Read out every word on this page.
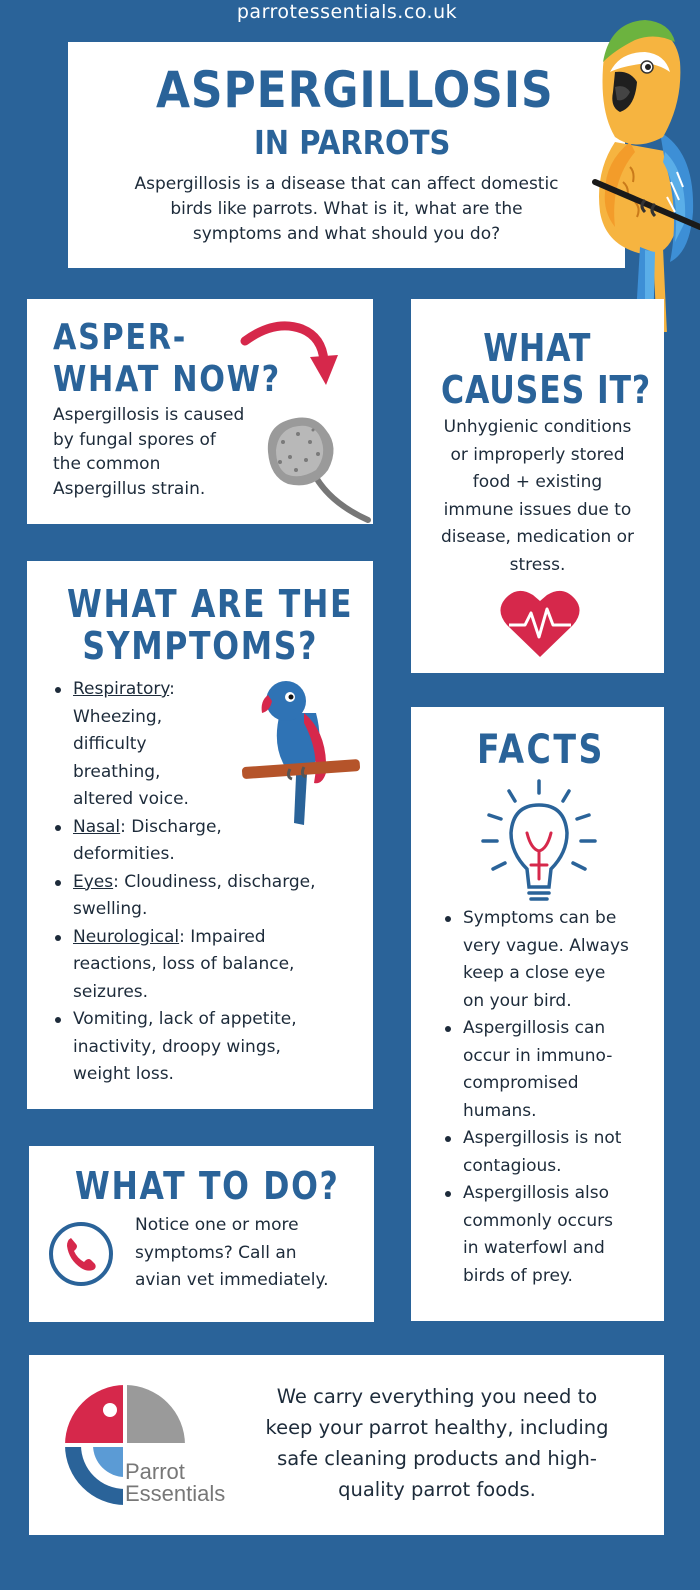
parrotessentials.co.uk
ASPERGILLOSIS
IN PARROTS
Aspergillosis is a disease that can affect domestic
birds like parrots. What is it, what are the
symptoms and what should you do?
ASPER-
WHAT NOW?
Aspergillosis is caused
by fungal spores of
the common
Aspergillus strain.
WHAT
CAUSES IT?
Unhygienic conditions
or improperly stored
food + existing
immune issues due to
disease, medication or
stress.
WHAT ARE THE
SYMPTOMS?
Respiratory:
Wheezing,
difficulty
breathing,
altered voice.
Nasal: Discharge,
deformities.
Eyes: Cloudiness, discharge,
swelling.
Neurological: Impaired
reactions, loss of balance,
seizures.
Vomiting, lack of appetite,
inactivity, droopy wings,
weight loss.
FACTS
Symptoms can be
very vague. Always
keep a close eye
on your bird.
Aspergillosis can
occur in immuno-
compromised
humans.
Aspergillosis is not
contagious.
Aspergillosis also
commonly occurs
in waterfowl and
birds of prey.
WHAT TO DO?
Notice one or more
symptoms? Call an
avian vet immediately.
Parrot
Essentials
We carry everything you need to
keep your parrot healthy, including
safe cleaning products and high-
quality parrot foods.
